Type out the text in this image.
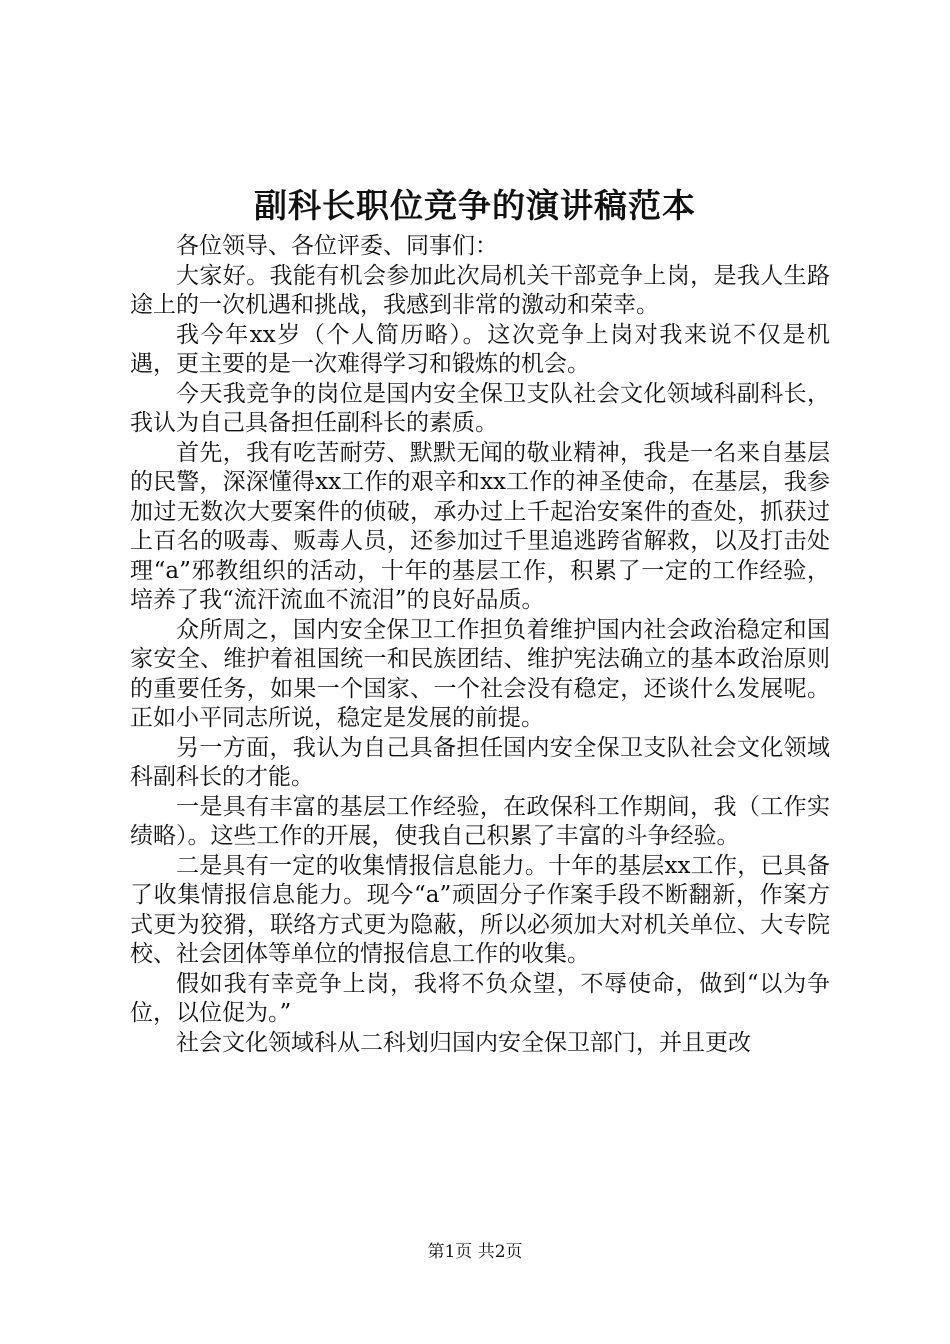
副科长职位竞争的演讲稿范本

各位领导、各位评委、同事们：

大家好。我能有机会参加此次局机关干部竞争上岗，是我人生路途上的一次机遇和挑战，我感到非常的激动和荣幸。

我今年xx岁（个人简历略）。这次竞争上岗对我来说不仅是机遇，更主要的是一次难得学习和锻炼的机会。

今天我竞争的岗位是国内安全保卫支队社会文化领域科副科长，我认为自己具备担任副科长的素质。

首先，我有吃苦耐劳、默默无闻的敬业精神，我是一名来自基层的民警，深深懂得xx工作的艰辛和xx工作的神圣使命，在基层，我参加过无数次大要案件的侦破，承办过上千起治安案件的查处，抓获过上百名的吸毒、贩毒人员，还参加过千里追逃跨省解救，以及打击处理“a”邪教组织的活动，十年的基层工作，积累了一定的工作经验，培养了我“流汗流血不流泪”的良好品质。

众所周之，国内安全保卫工作担负着维护国内社会政治稳定和国家安全、维护着祖国统一和民族团结、维护宪法确立的基本政治原则的重要任务，如果一个国家、一个社会没有稳定，还谈什么发展呢。正如小平同志所说，稳定是发展的前提。

另一方面，我认为自己具备担任国内安全保卫支队社会文化领域科副科长的才能。

一是具有丰富的基层工作经验，在政保科工作期间，我（工作实绩略）。这些工作的开展，使我自己积累了丰富的斗争经验。

二是具有一定的收集情报信息能力。十年的基层xx工作，已具备了收集情报信息能力。现今“a”顽固分子作案手段不断翻新，作案方式更为狡猾，联络方式更为隐蔽，所以必须加大对机关单位、大专院校、社会团体等单位的情报信息工作的收集。

假如我有幸竞争上岗，我将不负众望，不辱使命，做到“以为争位，以位促为。”

社会文化领域科从二科划归国内安全保卫部门，并且更改

第1页 共2页
